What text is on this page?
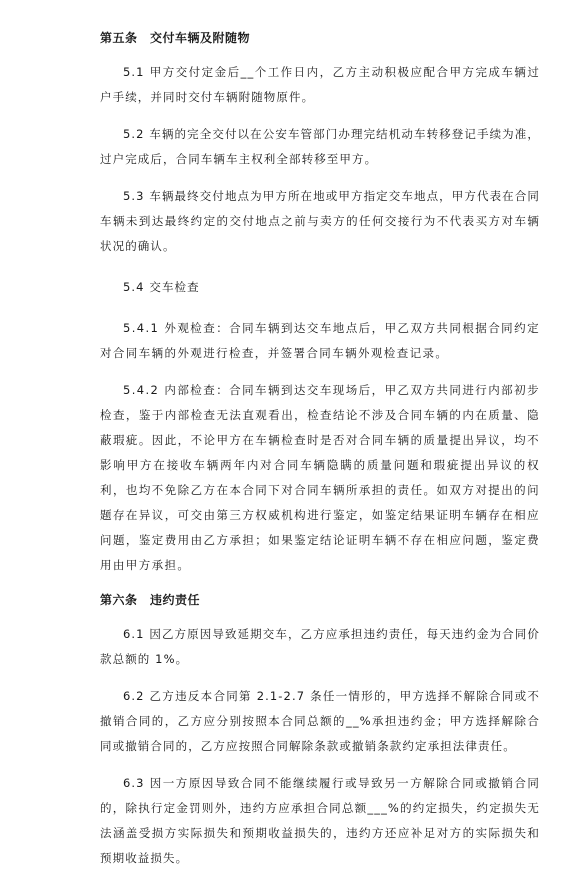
第五条　交付车辆及附随物

5.1 甲方交付定金后__个工作日内，乙方主动积极应配合甲方完成车辆过户手续，并同时交付车辆附随物原件。

5.2 车辆的完全交付以在公安车管部门办理完结机动车转移登记手续为准，过户完成后，合同车辆车主权利全部转移至甲方。

5.3 车辆最终交付地点为甲方所在地或甲方指定交车地点，甲方代表在合同车辆未到达最终约定的交付地点之前与卖方的任何交接行为不代表买方对车辆状况的确认。

5.4 交车检查

5.4.1 外观检查：合同车辆到达交车地点后，甲乙双方共同根据合同约定对合同车辆的外观进行检查，并签署合同车辆外观检查记录。

5.4.2 内部检查：合同车辆到达交车现场后，甲乙双方共同进行内部初步检查，鉴于内部检查无法直观看出，检查结论不涉及合同车辆的内在质量、隐蔽瑕疵。因此，不论甲方在车辆检查时是否对合同车辆的质量提出异议，均不影响甲方在接收车辆两年内对合同车辆隐瞒的质量问题和瑕疵提出异议的权利，也均不免除乙方在本合同下对合同车辆所承担的责任。如双方对提出的问题存在异议，可交由第三方权威机构进行鉴定，如鉴定结果证明车辆存在相应问题，鉴定费用由乙方承担；如果鉴定结论证明车辆不存在相应问题，鉴定费用由甲方承担。

第六条　违约责任

6.1 因乙方原因导致延期交车，乙方应承担违约责任，每天违约金为合同价款总额的 1%。

6.2 乙方违反本合同第 2.1-2.7 条任一情形的，甲方选择不解除合同或不撤销合同的，乙方应分别按照本合同总额的__%承担违约金；甲方选择解除合同或撤销合同的，乙方应按照合同解除条款或撤销条款约定承担法律责任。

6.3 因一方原因导致合同不能继续履行或导致另一方解除合同或撤销合同的，除执行定金罚则外，违约方应承担合同总额___%的约定损失，约定损失无法涵盖受损方实际损失和预期收益损失的，违约方还应补足对方的实际损失和预期收益损失。
